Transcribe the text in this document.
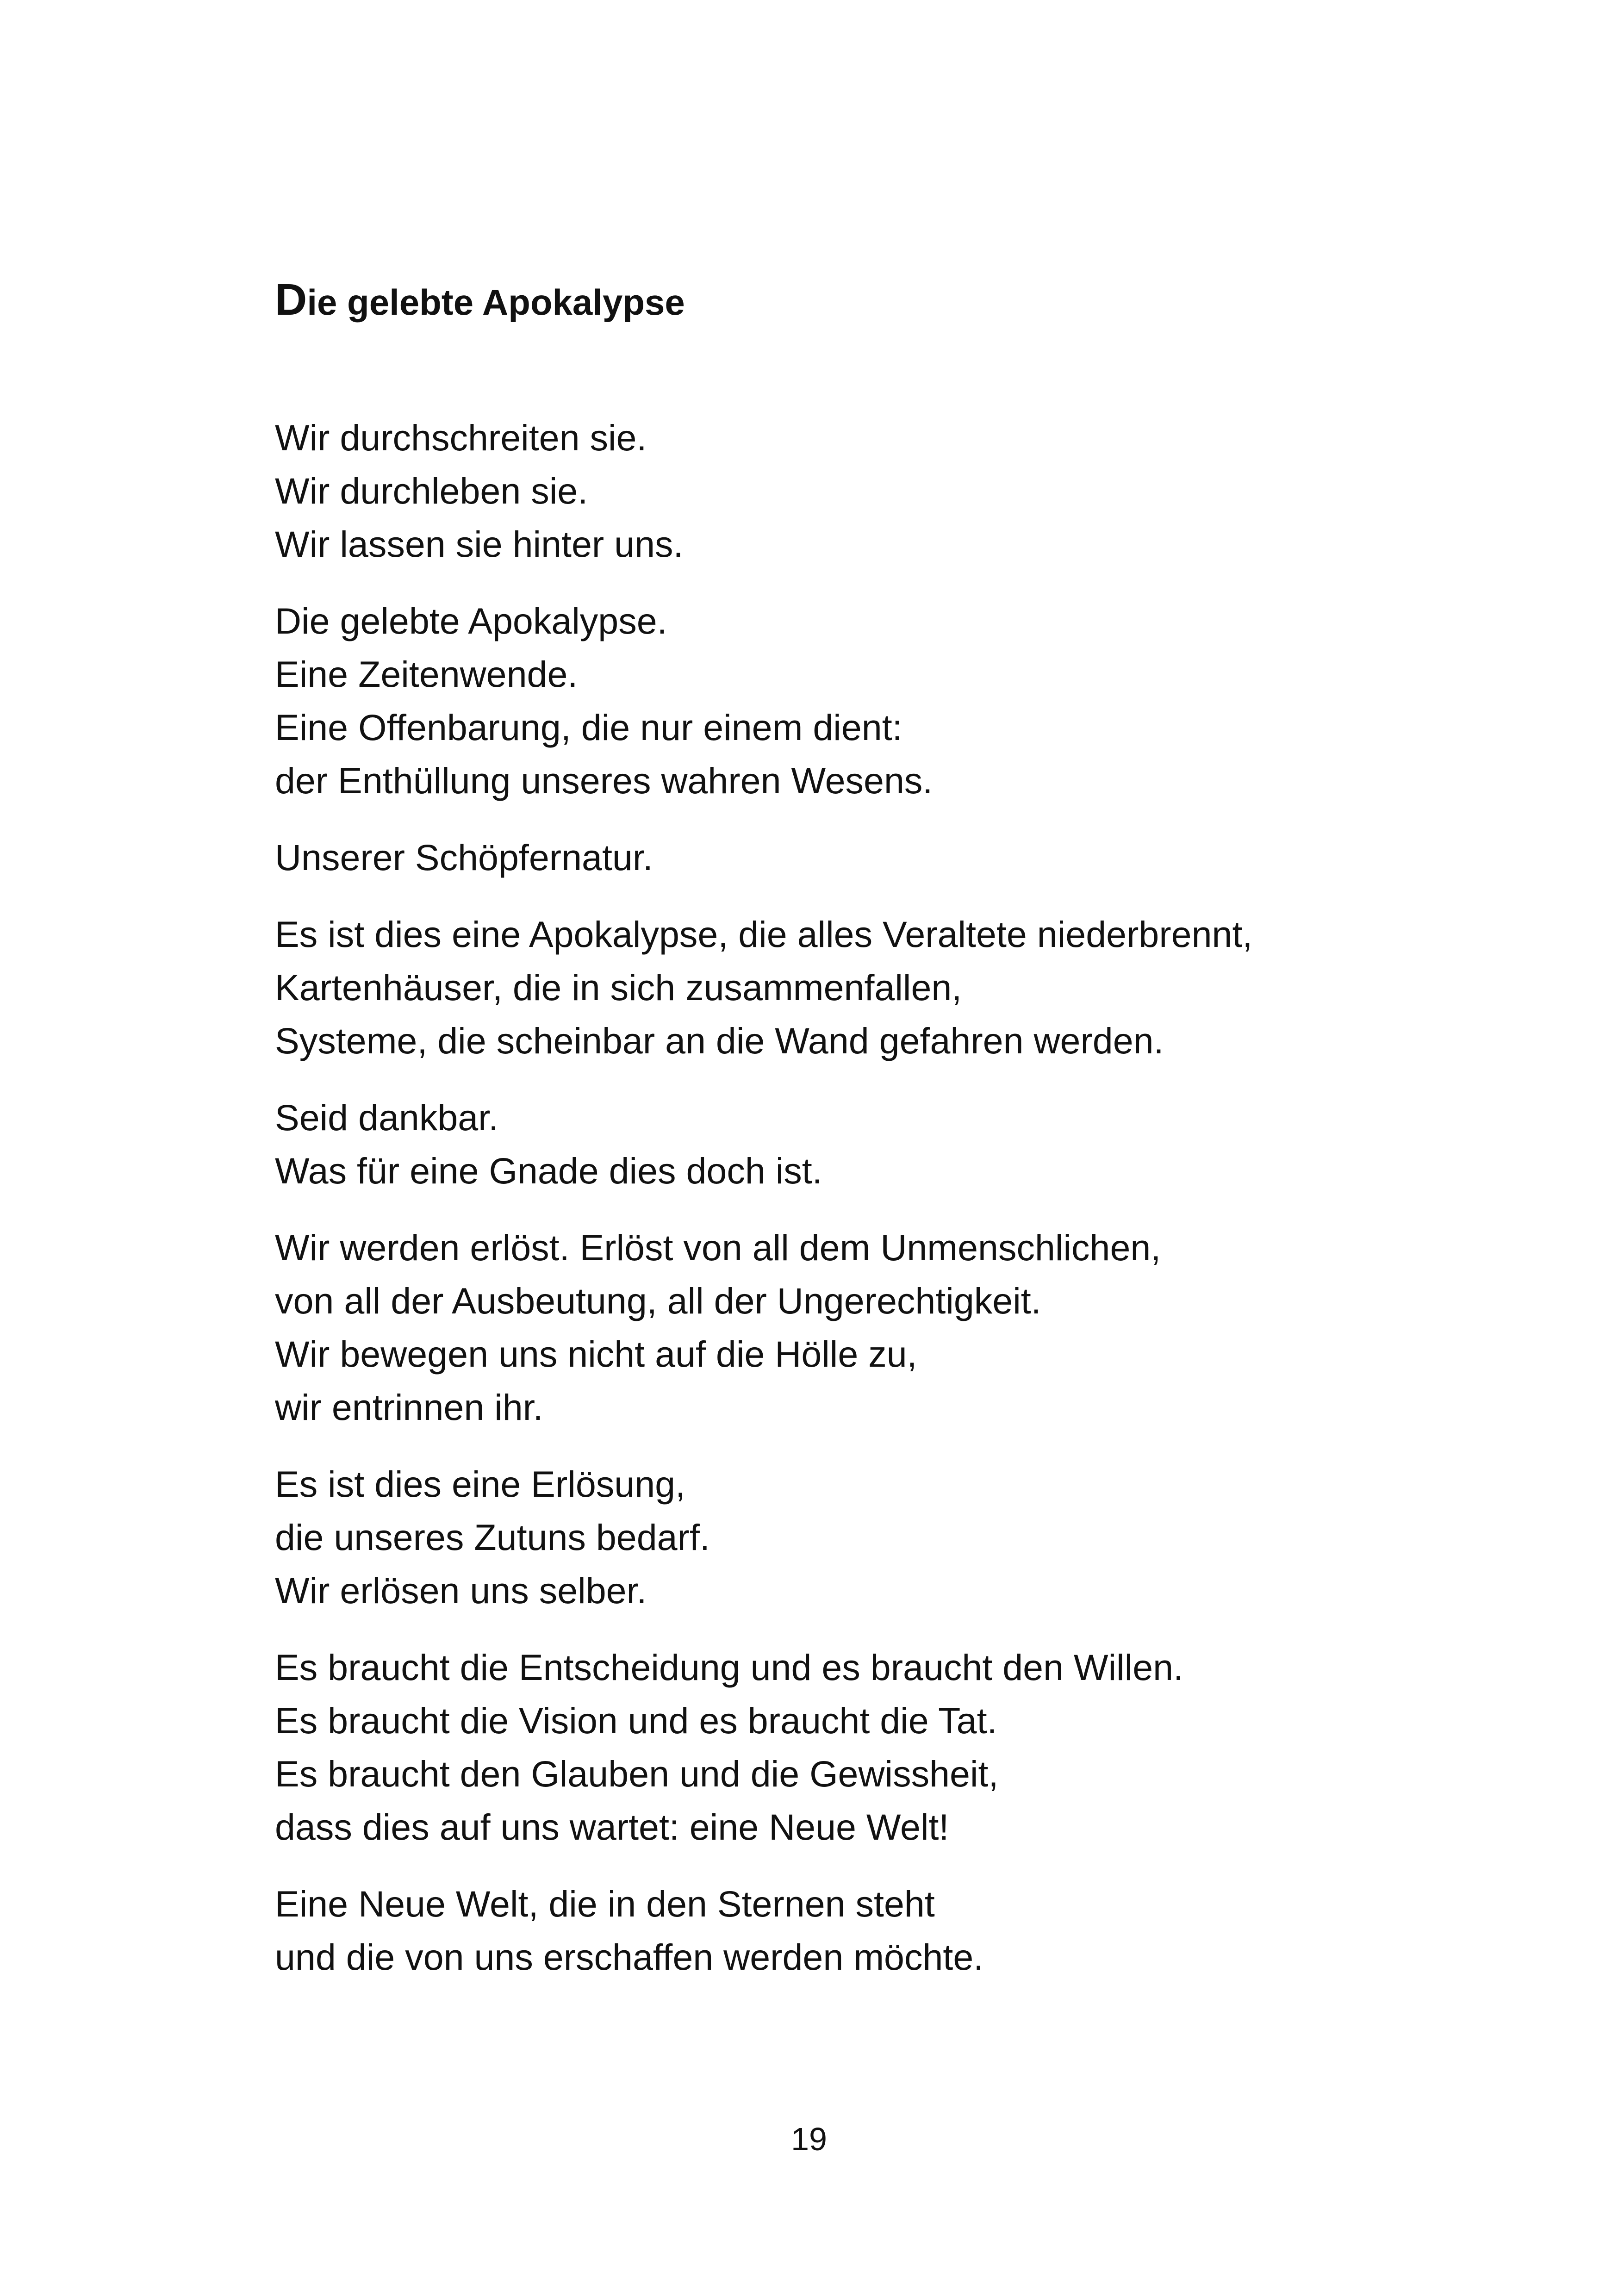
Die gelebte Apokalypse

Wir durchschreiten sie.
Wir durchleben sie.
Wir lassen sie hinter uns.

Die gelebte Apokalypse.
Eine Zeitenwende.
Eine Offenbarung, die nur einem dient:
der Enthüllung unseres wahren Wesens.

Unserer Schöpfernatur.

Es ist dies eine Apokalypse, die alles Veraltete niederbrennt,
Kartenhäuser, die in sich zusammenfallen,
Systeme, die scheinbar an die Wand gefahren werden.

Seid dankbar.
Was für eine Gnade dies doch ist.

Wir werden erlöst. Erlöst von all dem Unmenschlichen,
von all der Ausbeutung, all der Ungerechtigkeit.
Wir bewegen uns nicht auf die Hölle zu,
wir entrinnen ihr.

Es ist dies eine Erlösung,
die unseres Zutuns bedarf.
Wir erlösen uns selber.

Es braucht die Entscheidung und es braucht den Willen.
Es braucht die Vision und es braucht die Tat.
Es braucht den Glauben und die Gewissheit,
dass dies auf uns wartet: eine Neue Welt!

Eine Neue Welt, die in den Sternen steht
und die von uns erschaffen werden möchte.

19
